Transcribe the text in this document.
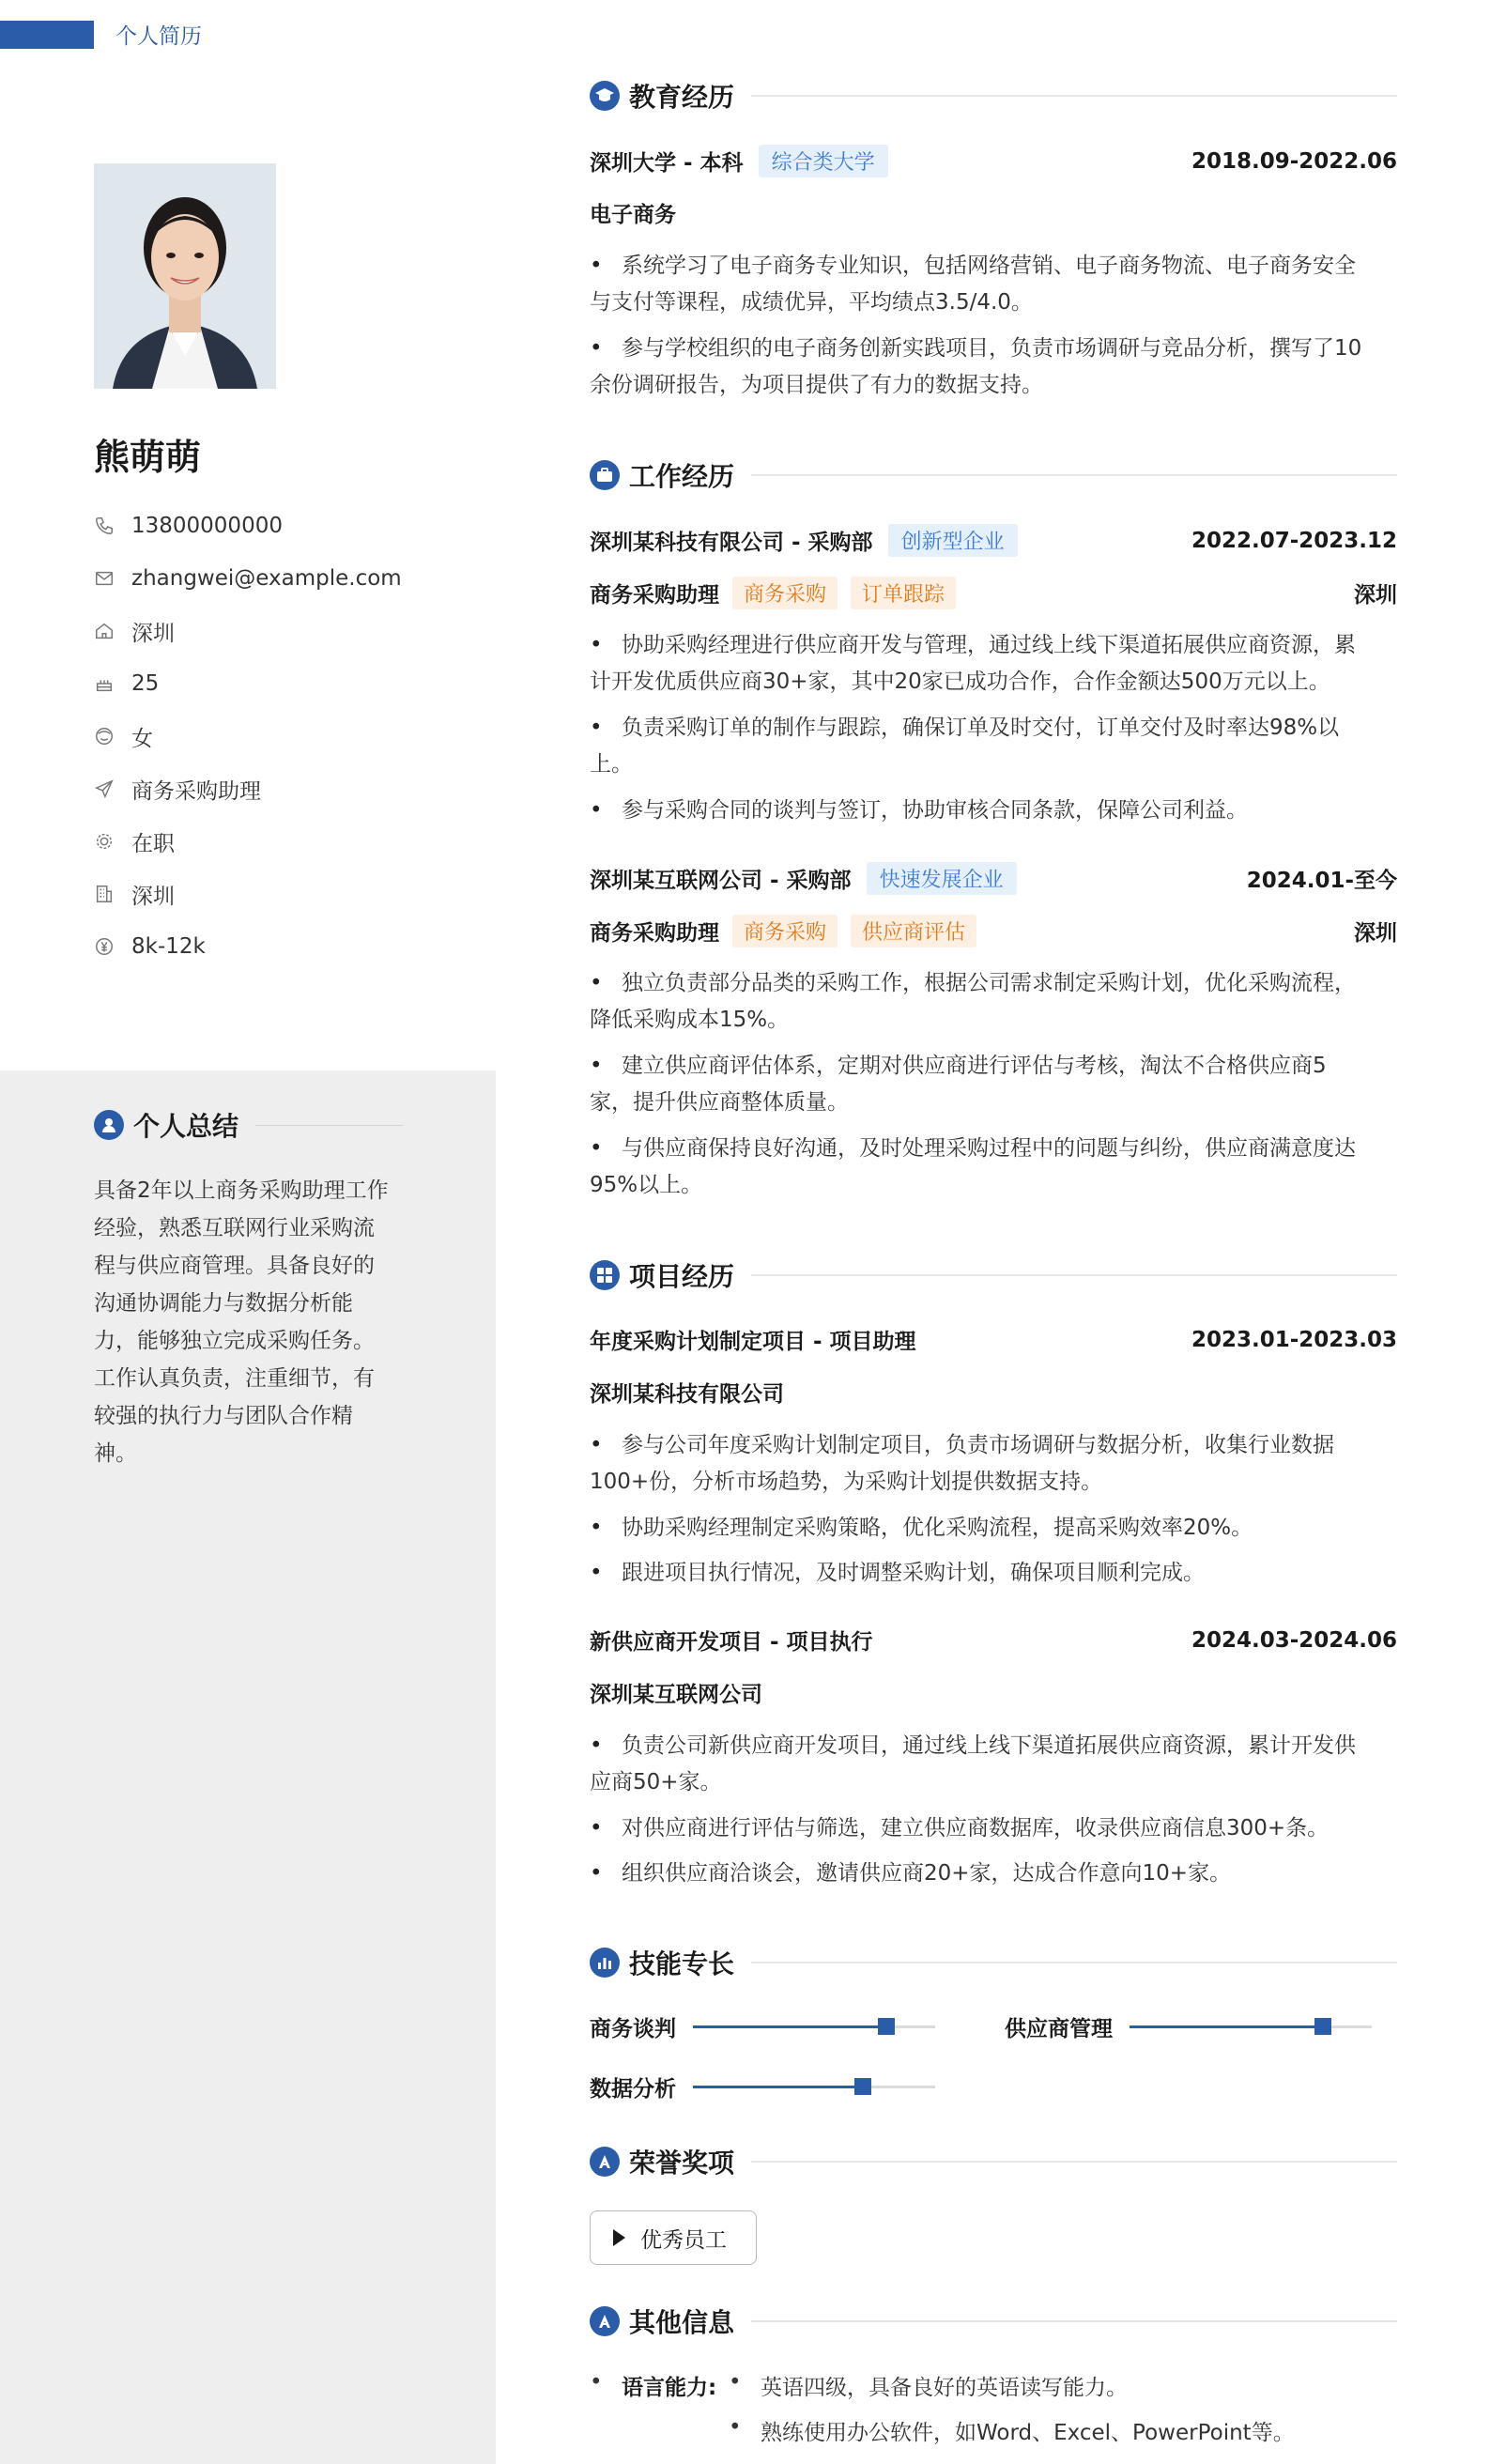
个人简历
熊萌萌
13800000000
zhangwei@example.com
深圳
25
女
商务采购助理
在职
深圳
8k-12k
个人总结
具备2年以上商务采购助理工作
经验，熟悉互联网行业采购流
程与供应商管理。具备良好的
沟通协调能力与数据分析能
力，能够独立完成采购任务。
工作认真负责，注重细节，有
较强的执行力与团队合作精
神。
教育经历
深圳大学 - 本科	综合类大学	2018.09-2022.06
电子商务
• 系统学习了电子商务专业知识，包括网络营销、电子商务物流、电子商务安全
与支付等课程，成绩优异，平均绩点3.5/4.0。
• 参与学校组织的电子商务创新实践项目，负责市场调研与竞品分析，撰写了10
余份调研报告，为项目提供了有力的数据支持。
工作经历
深圳某科技有限公司 - 采购部	创新型企业	2022.07-2023.12
商务采购助理	商务采购	订单跟踪	深圳
• 协助采购经理进行供应商开发与管理，通过线上线下渠道拓展供应商资源，累
计开发优质供应商30+家，其中20家已成功合作，合作金额达500万元以上。
• 负责采购订单的制作与跟踪，确保订单及时交付，订单交付及时率达98%以
上。
• 参与采购合同的谈判与签订，协助审核合同条款，保障公司利益。
深圳某互联网公司 - 采购部	快速发展企业	2024.01-至今
商务采购助理	商务采购	供应商评估	深圳
• 独立负责部分品类的采购工作，根据公司需求制定采购计划，优化采购流程，
降低采购成本15%。
• 建立供应商评估体系，定期对供应商进行评估与考核，淘汰不合格供应商5
家，提升供应商整体质量。
• 与供应商保持良好沟通，及时处理采购过程中的问题与纠纷，供应商满意度达
95%以上。
项目经历
年度采购计划制定项目 - 项目助理	2023.01-2023.03
深圳某科技有限公司
• 参与公司年度采购计划制定项目，负责市场调研与数据分析，收集行业数据
100+份，分析市场趋势，为采购计划提供数据支持。
• 协助采购经理制定采购策略，优化采购流程，提高采购效率20%。
• 跟进项目执行情况，及时调整采购计划，确保项目顺利完成。
新供应商开发项目 - 项目执行	2024.03-2024.06
深圳某互联网公司
• 负责公司新供应商开发项目，通过线上线下渠道拓展供应商资源，累计开发供
应商50+家。
• 对供应商进行评估与筛选，建立供应商数据库，收录供应商信息300+条。
• 组织供应商洽谈会，邀请供应商20+家，达成合作意向10+家。
技能专长
商务谈判	供应商管理
数据分析
荣誉奖项
优秀员工
其他信息
• 语言能力: • 英语四级，具备良好的英语读写能力。
• 熟练使用办公软件，如Word、Excel、PowerPoint等。
